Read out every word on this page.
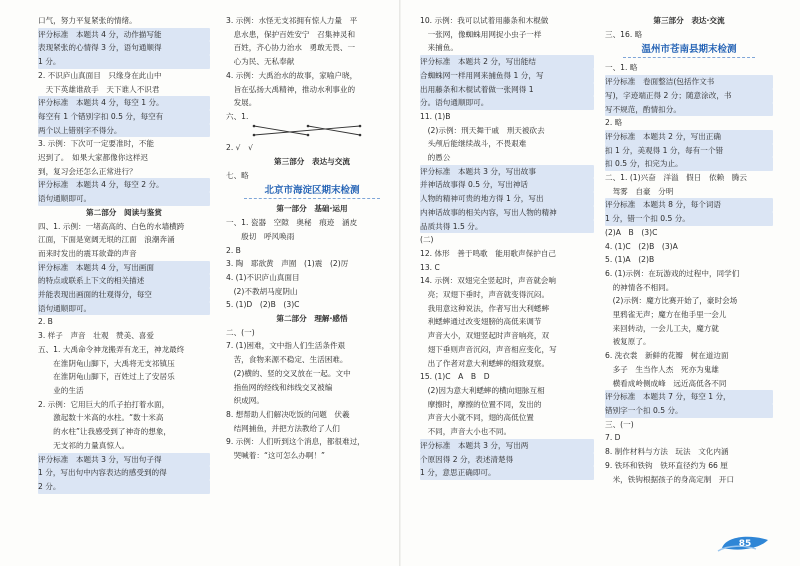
口气，努力平复紧张的情绪。
评分标准　本题共 4 分，动作描写能
表现紧张的心情得 3 分，语句通顺得
1 分。
2. 不识庐山真面目　只缘身在此山中
　天下英雄谁敌手　天下谁人不识君
评分标准　本题共 4 分，每空 1 分。
每空有 1 个错别字扣 0.5 分，每空有
两个以上错别字不得分。
3. 示例：下次可一定要准时，不能
迟到了。　如果大家都像你这样迟
到，复习会还怎么正常进行？
评分标准　本题共 4 分，每空 2 分。
语句通顺即可。
第二部分　阅读与鉴赏
四、1. 示例：一堵高高的、白色的水墙横跨
江面，下面是宽阔无垠的江面　浪潮奔涌
而来时发出的震耳欲聋的声音
评分标准　本题共 4 分，写出画面
的特点或联系上下文的相关描述
并能表现出画面的壮观得分，每空
语句通顺即可。
2. B
3. 样子　声音　壮观　赞美、喜爱
五、1. 大禹命令神龙搬弄有龙王，神龙最终
　　在淮阴龟山脚下，大禹将无支祁镇压
　　在淮阴龟山脚下，百姓过上了安居乐
　　业的生活
2. 示例：它用巨大的爪子拍打着水面，
　　激起数十米高的水柱。“数十米高
　　的水柱”让我感受到了神奇的想象，
　　无支祁的力量真惊人。
评分标准　本题共 3 分，写出句子得
1 分，写出句中内容表达的感受到的得
2 分。
3. 示例：水怪无支祁拥有惊人力量　平
　息水患，保护百姓安宁　召集神灵和
　百姓，齐心协力治水　勇敢无畏、一
　心为民、无私奉献
4. 示例：大禹治水的故事，家喻户晓，
　旨在弘扬大禹精神，推动水利事业的
　发展。
六、1.
2. √　√
第三部分　表达与交流
七、略
北京市海淀区期末检测
第一部分　基础·运用
一、1. 瓷器　空隙　奥秘　痕迹　涵皮
　　殷切　呼风唤雨
2. B
3. 陶　耶欲黄　声囿　(1)震　(2)厉
4. (1)不识庐山真面目
　(2)不教胡马度阴山
5. (1)D　(2)B　(3)C
第二部分　理解·感悟
二、(一)
7. (1)困难，文中指人们生活条件艰
　苦，食物来源不稳定、生活困难。
　(2)横的、竖的交叉放在一起。文中
　指鱼网的经线和纬线交叉被编
　织成网。
8. 想帮助人们解决吃饭的问题　伏羲
　结网捕鱼，并把方法教给了人们
9. 示例：人们听到这个消息，都很难过，
　哭喊着：“这可怎么办啊！”
10. 示例：我可以试着用藤条和木棍做
　一张网，像蜘蛛用网捉小虫子一样
　来捕鱼。
评分标准　本题共 2 分，写出能结
合蜘蛛网一样用网来捕鱼得 1 分，写
出用藤条和木棍试着做一张网得 1
分。语句通顺即可。
11. (1)B
　(2)示例：刑天舞干戚　刑天被砍去
　头颅后能继续战斗，不畏艰难
　的愚公
评分标准　本题共 3 分，写出故事
并神话故事得 0.5 分，写出神话
人物的精神可贵的地方得 1 分，写出
内神话故事的相关内容，写出人物的精神
品质共得 1.5 分。
(二)
12. 体形　善于鸣歌　能用歌声保护自己
13. C
14. 示例：双翅完全竖起时，声音就会响
　亮；双翅下垂时，声音就变得沉闷。
　我用意这种说法，作者写出大利蟋蟀
　利蟋蟀通过改变翅膀的高低来调节
　声音大小，双翅竖起时声音响亮，双
　翅下垂则声音沉闷，声音相应变化，写
　出了作者对意大利蟋蟀的细致观察。
15. (1)C　A　B　D
　(2)因为意大利蟋蟀的横向翅脉互相
　摩擦时，摩擦的位置不同，发出的
　声音大小就不同，翅的高低位置
　不同，声音大小也不同。
评分标准　本题共 3 分，写出两
个原因得 2 分，表述清楚得
1 分，意思正确即可。
第三部分　表达·交流
三、16. 略
温州市苍南县期末检测
一、1. 略
评分标准　卷面整洁(包括作文书
写)，字迹端正得 2 分；随意涂改，书
写不规范，酌情扣分。
2. 略
评分标准　本题共 2 分，写出正确
扣 1 分，美观得 1 分，每有一个错
扣 0.5 分，扣完为止。
二、1. (1)兴奋　洋溢　假日　依赖　腾云
　驾雾　自豪　分明
评分标准　本题共 8 分，每个词语
1 分，错一个扣 0.5 分。
(2)A　B　(3)C
4. (1)C　(2)B　(3)A
5. (1)A　(2)B
6. (1)示例：在玩游戏的过程中，同学们
　的神情各不相同。
　(2)示例：魔方比赛开始了，豪时会场
　里鸦雀无声；魔方在他手里一会儿
　来回转动，一会儿工夫，魔方就
　被复原了。
6. 洗衣裳　新鲜的花瓣　树在道边面
　多子　生当作人杰　死亦为鬼雄
　横看成岭侧成峰　远近高低各不同
评分标准　本题共 7 分，每空 1 分，
错别字一个扣 0.5 分。
三、(一)
7. D
8. 制作材料与方法　玩法　文化内涵
9. 铁环和铁钩　铁环直径约为 66 厘
　米，铁钩根据孩子的身高定制　开口
85
